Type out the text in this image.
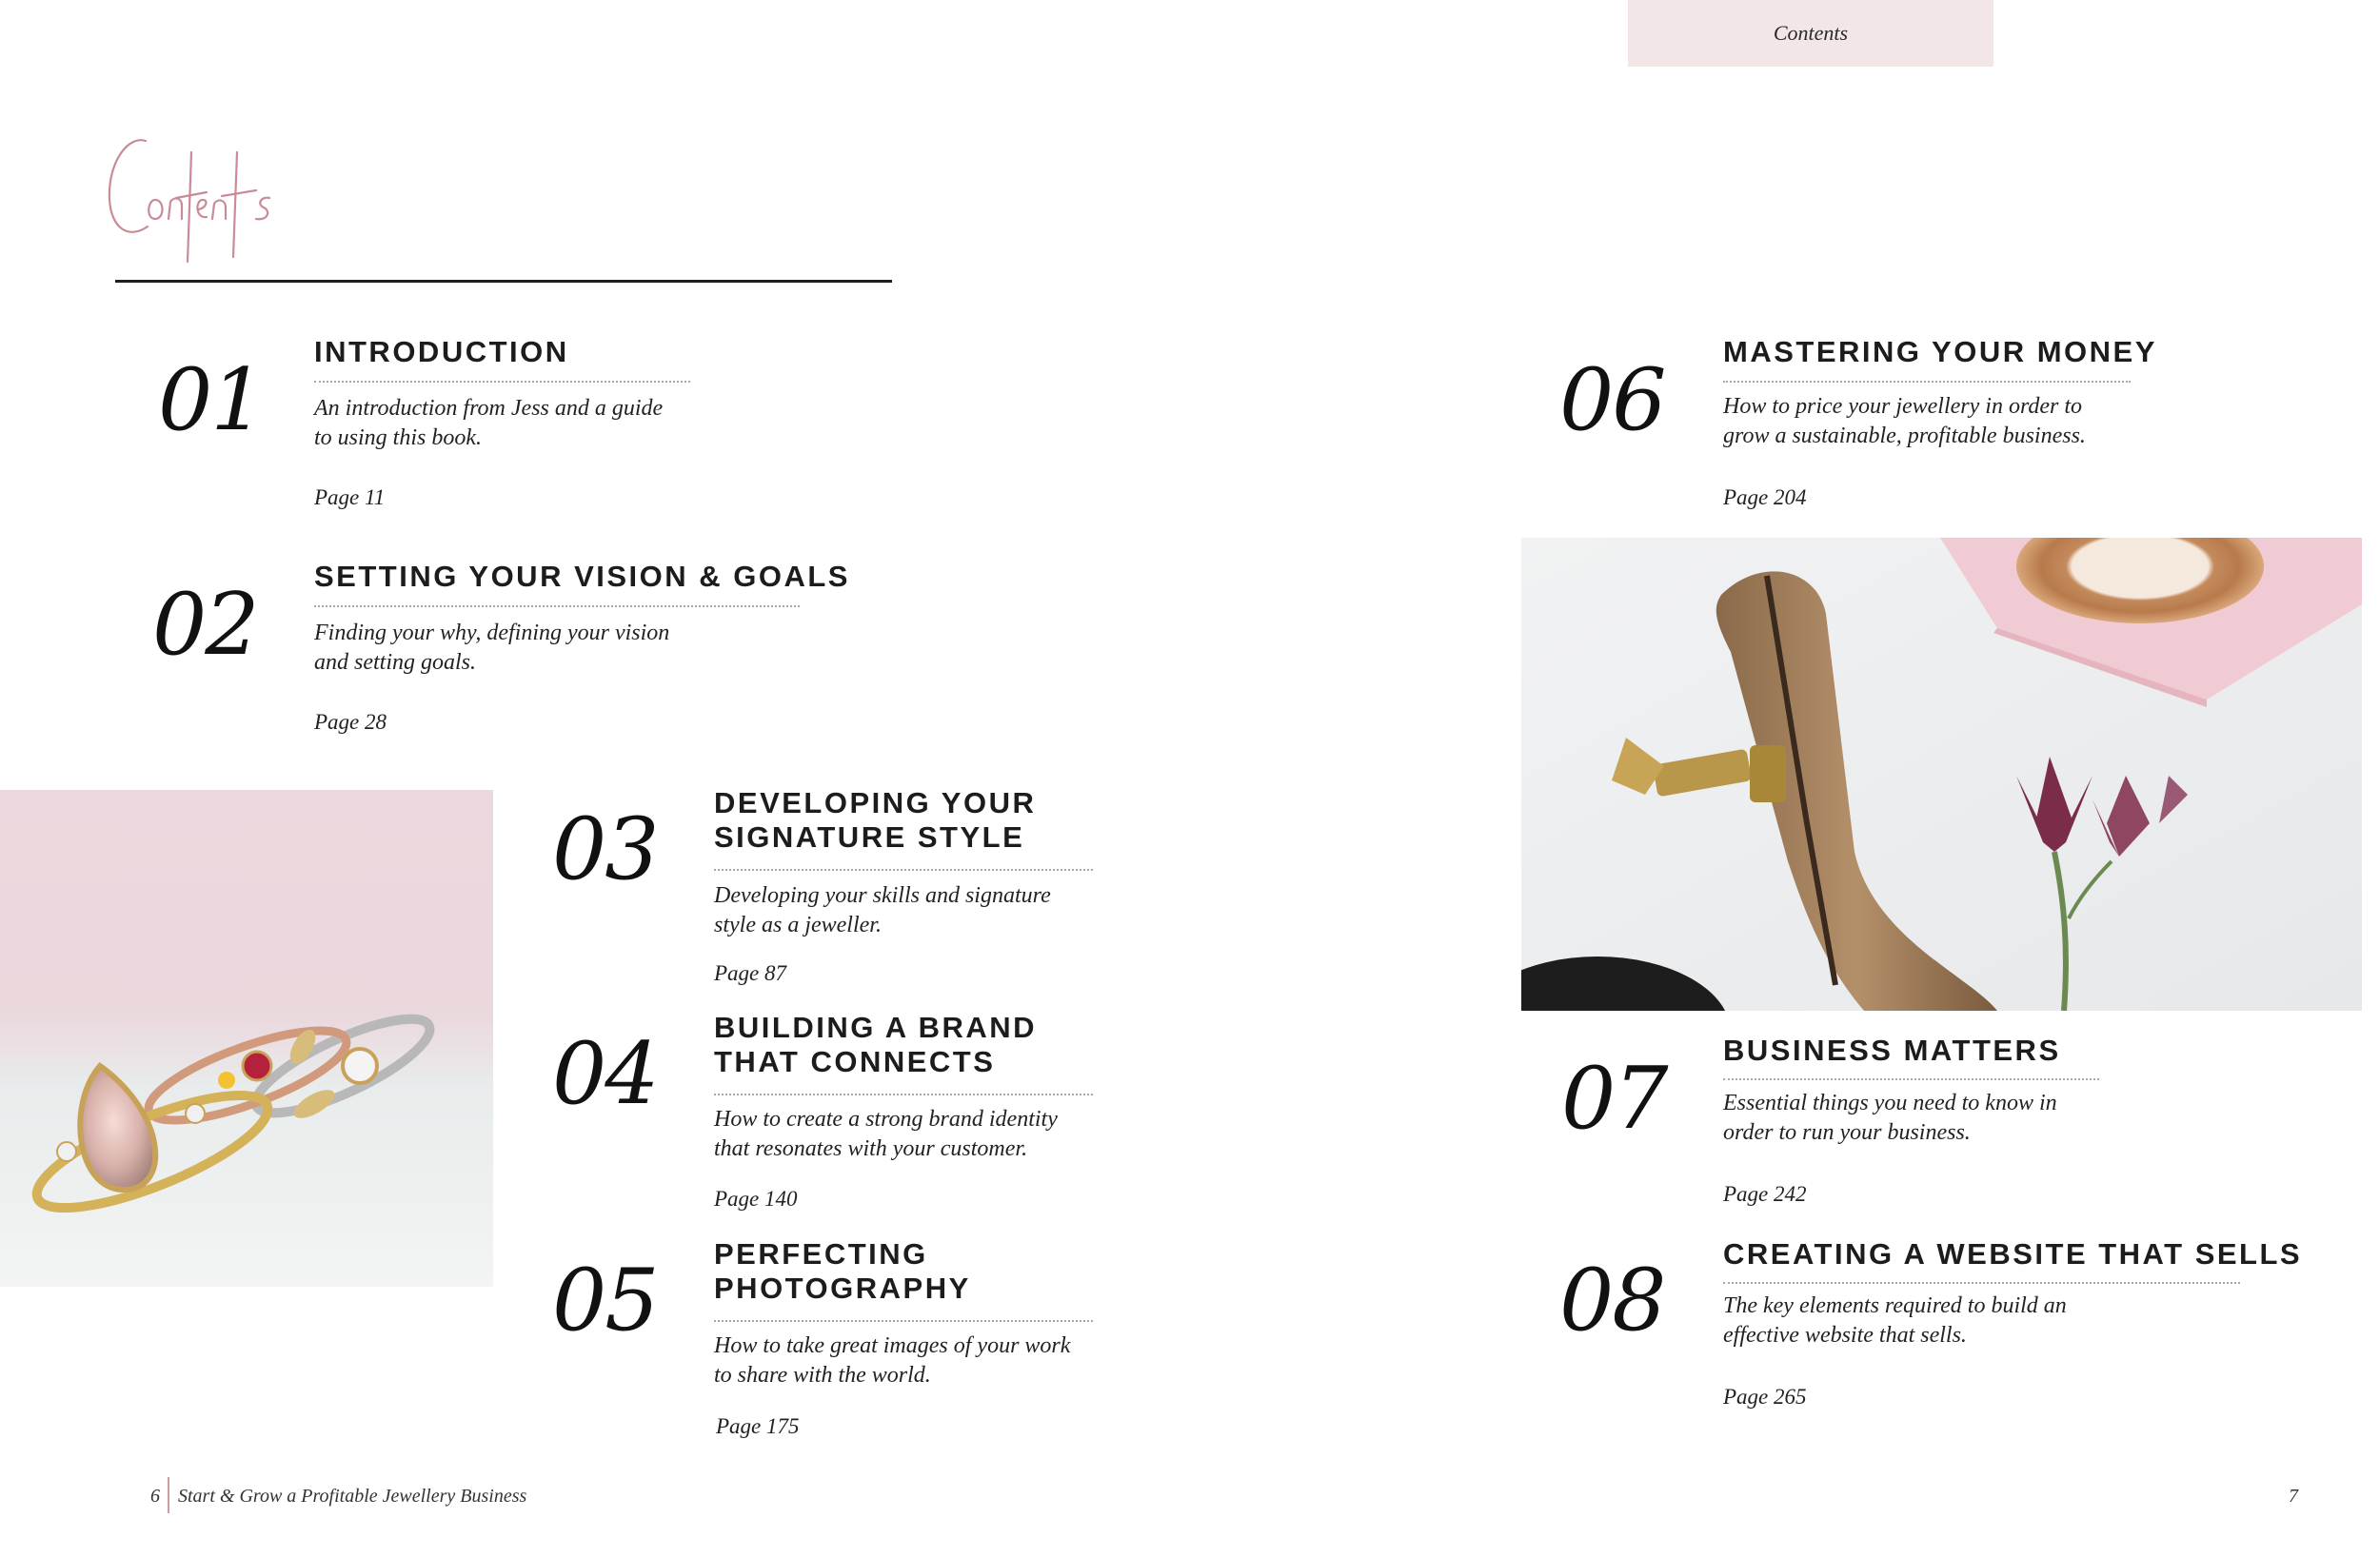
Contents
01 INTRODUCTION
An introduction from Jess and a guide
to using this book.
Page 11
02 SETTING YOUR VISION & GOALS
Finding your why, defining your vision
and setting goals.
Page 28
03 DEVELOPING YOUR
SIGNATURE STYLE
Developing your skills and signature
style as a jeweller.
Page 87
04 BUILDING A BRAND
THAT CONNECTS
How to create a strong brand identity
that resonates with your customer.
Page 140
05 PERFECTING
PHOTOGRAPHY
How to take great images of your work
to share with the world.
Page 175
06 MASTERING YOUR MONEY
How to price your jewellery in order to
grow a sustainable, profitable business.
Page 204
07 BUSINESS MATTERS
Essential things you need to know in
order to run your business.
Page 242
08 CREATING A WEBSITE THAT SELLS
The key elements required to build an
effective website that sells.
Page 265
6 Start & Grow a Profitable Jewellery Business	7
